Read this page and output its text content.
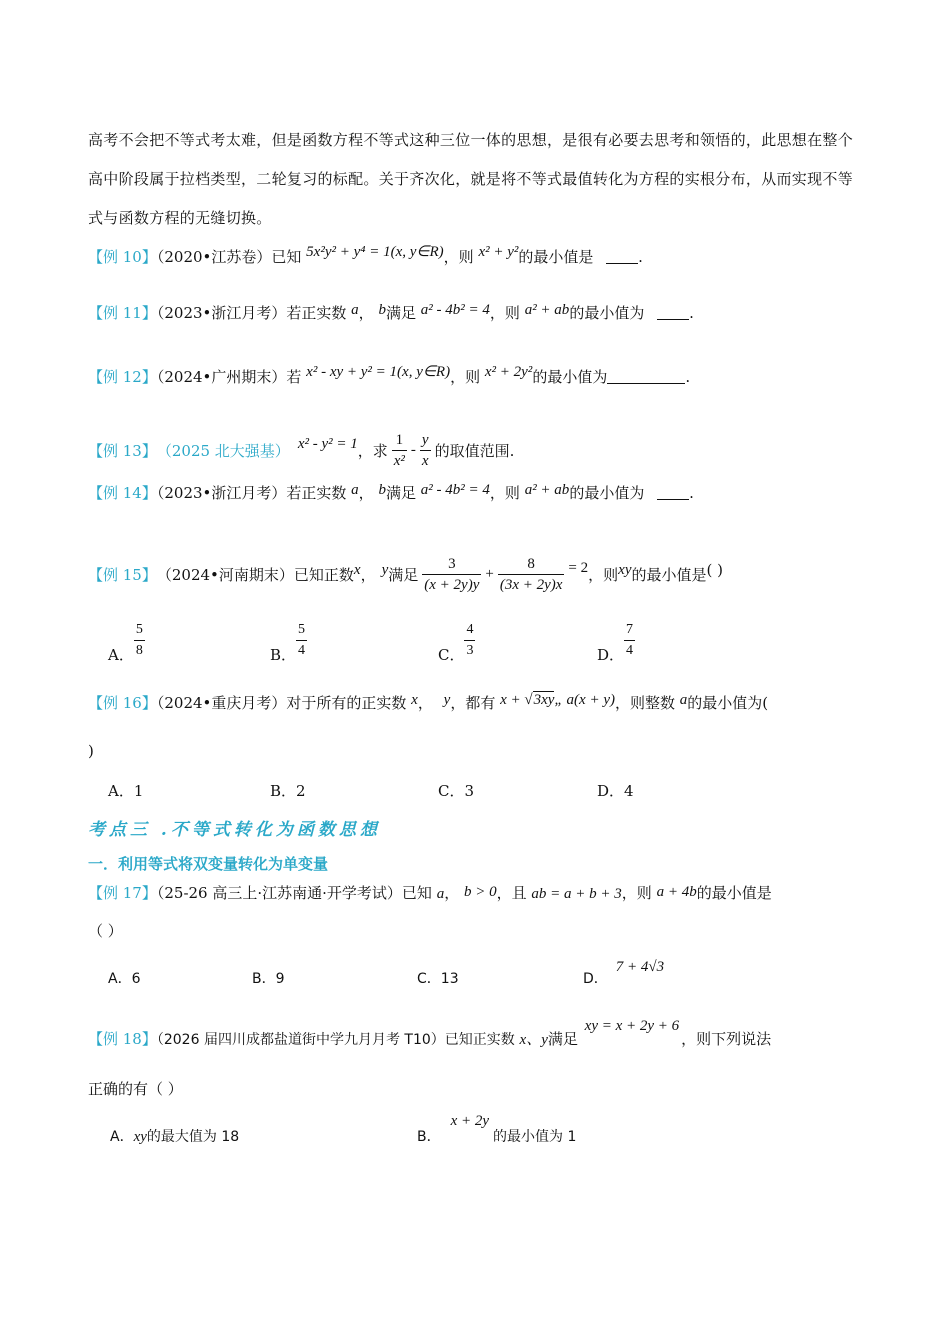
高考不会把不等式考太难，但是函数方程不等式这种三位一体的思想，是很有必要去思考和领悟的，此思想在整个高中阶段属于拉档类型，二轮复习的标配。关于齐次化，就是将不等式最值转化为方程的实根分布，从而实现不等式与函数方程的无缝切换。
【例 10】（2020•江苏卷）已知 5x²y² + y⁴ = 1(x, y∈R)，则 x² + y²的最小值是	.
【例 11】（2023•浙江月考）若正实数 a， b满足 a² - 4b² = 4，则 a² + ab的最小值为	.
【例 12】（2024•广州期末）若 x² - xy + y² = 1(x, y∈R)，则 x² + 2y²的最小值为	.
【例 13】 （2025 北大强基） x² - y² = 1 ，求 $\frac{1}{\text{x²}} - \frac{y}{x}$ 的取值范围.
【例 14】（2023•浙江月考）若正实数 a， b满足 a² - 4b² = 4，则 a² + ab的最小值为	.
【例 15】 （2024•河南期末）已知正数 x ， y 满足 $\frac{3}{(x + 2y)y} + \frac{8}{(3x + 2y)x} = 2$ ，则 xy 的最小值是 ( )
A． $\frac{5}{8}$	B． $\frac{5}{4}$	C． $\frac{4}{3}$	D． $\frac{7}{4}$
【例 16】（2024•重庆月考）对于所有的正实数 x， y，都有 x + √3xy„ a(x + y)，则整数 a的最小值为(
)
A．1	B．2	C．3	D．4
考点三 .不等式转化为函数思想
一．利用等式将双变量转化为单变量
【例 17】（25-26 高三上·江苏南通·开学考试）已知 a， b > 0，且 ab = a + b + 3，则 a + 4b的最小值是
（ ）
A．6	B．9	C．13	D．7 + 4√3
【例 18】（2026 届四川成都盐道街中学九月月考 T10）已知正实数 x、y满足 xy = x + 2y + 6，则下列说法
正确的有（ ）
A．xy的最大值为 18	B．x + 2y的最小值为 1
